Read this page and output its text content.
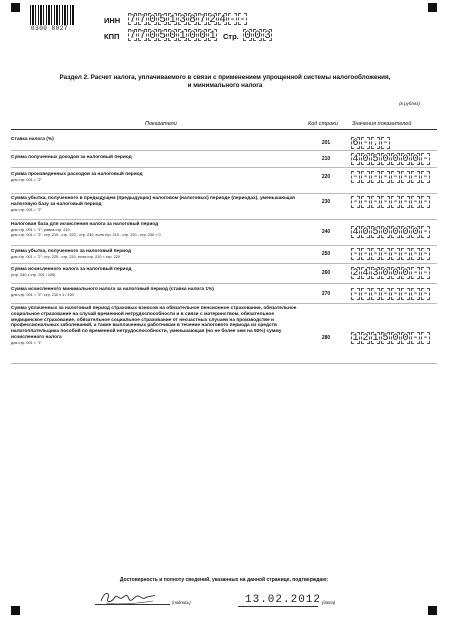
0300 8027
ИНН 7 7 0 5 1 3 8 7 2 4 - -
КПП 7 7 0 5 0 1 0 0 1 Стр. 0 0 3
Раздел 2. Расчет налога, уплачиваемого в связи с применением упрощенной системы налогообложения,
и минимального налога
(в рублях)
Показатели	Код строки	Значения показателей
Ставка налога (%)
201	6 - . -
Сумма полученных доходов за налоговый период	210	4 0 5 0 0 0 0 -
Сумма произведенных расходов за налоговый период
для стр. 001 = "2"	220	- - - - - - - -
Сумма убытка, полученного в предыдущем (предыдущих) налоговом (налоговых) периоде (периодах), уменьшающая налоговую базу за налоговый период
для стр. 001 = "2"
230	- - - - - - - -
Налоговая база для исчисления налога за налоговый период
для стр. 001 = "1": равна стр. 210
для стр. 001 = "2": стр. 210 - стр. 220 - стр. 230, если стр. 210 - стр. 220 - стр. 230 > 0	240	4 0 5 0 0 0 0 -
Сумма убытка, полученного за налоговый период
для стр. 001 = "2": стр. 220 - стр. 210, если стр. 210 < стр. 220	250	- - - - - - - -
Сумма исчисленного налога за налоговый период
(стр. 240 х стр. 201 / 100)	260	2 4 3 0 0 0 - -
Сумма исчисленного минимального налога за налоговый период (ставка налога 1%)
для стр. 001 = "2": стр. 210 х 1 / 100	270	- - - - - - - -
Сумма уплаченных за налоговый период страховых взносов на обязательное пенсионное страхование, обязательное социальное страхование на случай временной нетрудоспособности и в связи с материнством, обязательное медицинское страхование, обязательное социальное страхование от несчастных случаев на производстве и профессиональных заболеваний, а также выплаченных работникам в течение налогового периода из средств налогоплательщика пособий по временной нетрудоспособности, уменьшающая (но не более чем на 50%) сумму исчисленного налога
для стр. 001 = "1"
280	1 2 1 5 0 0 - -
Достоверность и полноту сведений, указанных на данной странице, подтверждаю:
(подпись)	13.02.2012 (дата)
